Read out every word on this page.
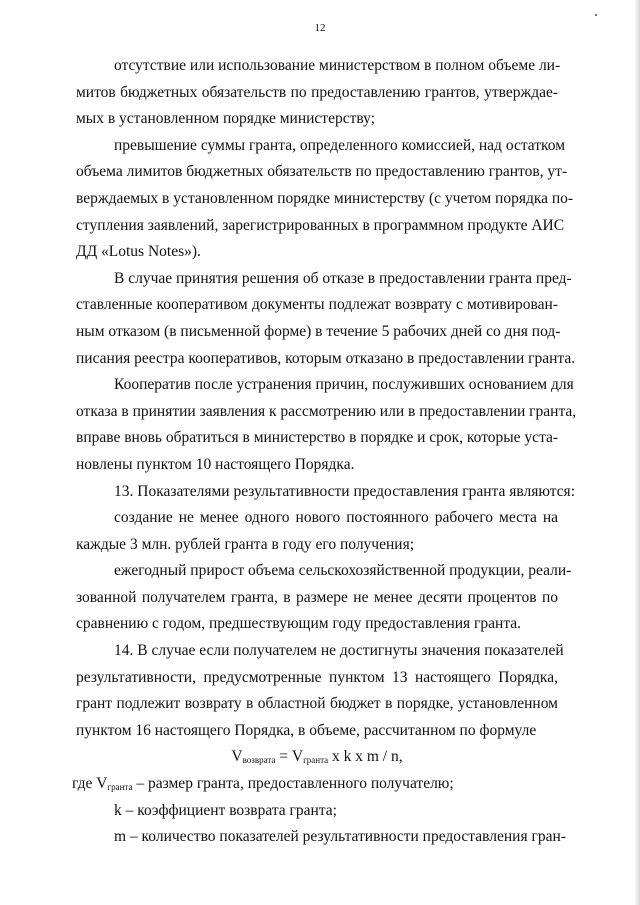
12
отсутствие или использование министерством в полном объеме ли-
митов бюджетных обязательств по предоставлению грантов, утверждае-
мых в установленном порядке министерству;
превышение суммы гранта, определенного комиссией, над остатком
объема лимитов бюджетных обязательств по предоставлению грантов, ут-
верждаемых в установленном порядке министерству (с учетом порядка по-
ступления заявлений, зарегистрированных в программном продукте АИС
ДД «Lotus Notes»).
В случае принятия решения об отказе в предоставлении гранта пред-
ставленные кооперативом документы подлежат возврату с мотивирован-
ным отказом (в письменной форме) в течение 5 рабочих дней со дня под-
писания реестра кооперативов, которым отказано в предоставлении гранта.
Кооператив после устранения причин, послуживших основанием для
отказа в принятии заявления к рассмотрению или в предоставлении гранта,
вправе вновь обратиться в министерство в порядке и срок, которые уста-
новлены пунктом 10 настоящего Порядка.
13. Показателями результативности предоставления гранта являются:
создание не менее одного нового постоянного рабочего места на
каждые 3 млн. рублей гранта в году его получения;
ежегодный прирост объема сельскохозяйственной продукции, реали-
зованной получателем гранта, в размере не менее десяти процентов по
сравнению с годом, предшествующим году предоставления гранта.
14. В случае если получателем не достигнуты значения показателей
результативности, предусмотренные пунктом 13 настоящего Порядка,
грант подлежит возврату в областной бюджет в порядке, установленном
пунктом 16 настоящего Порядка, в объеме, рассчитанном по формуле
$V_{возврата} = V_{гранта}$ x k x m / n,
где $V_{гранта}$ – размер гранта, предоставленного получателю;
k – коэффициент возврата гранта;
m – количество показателей результативности предоставления гран-
